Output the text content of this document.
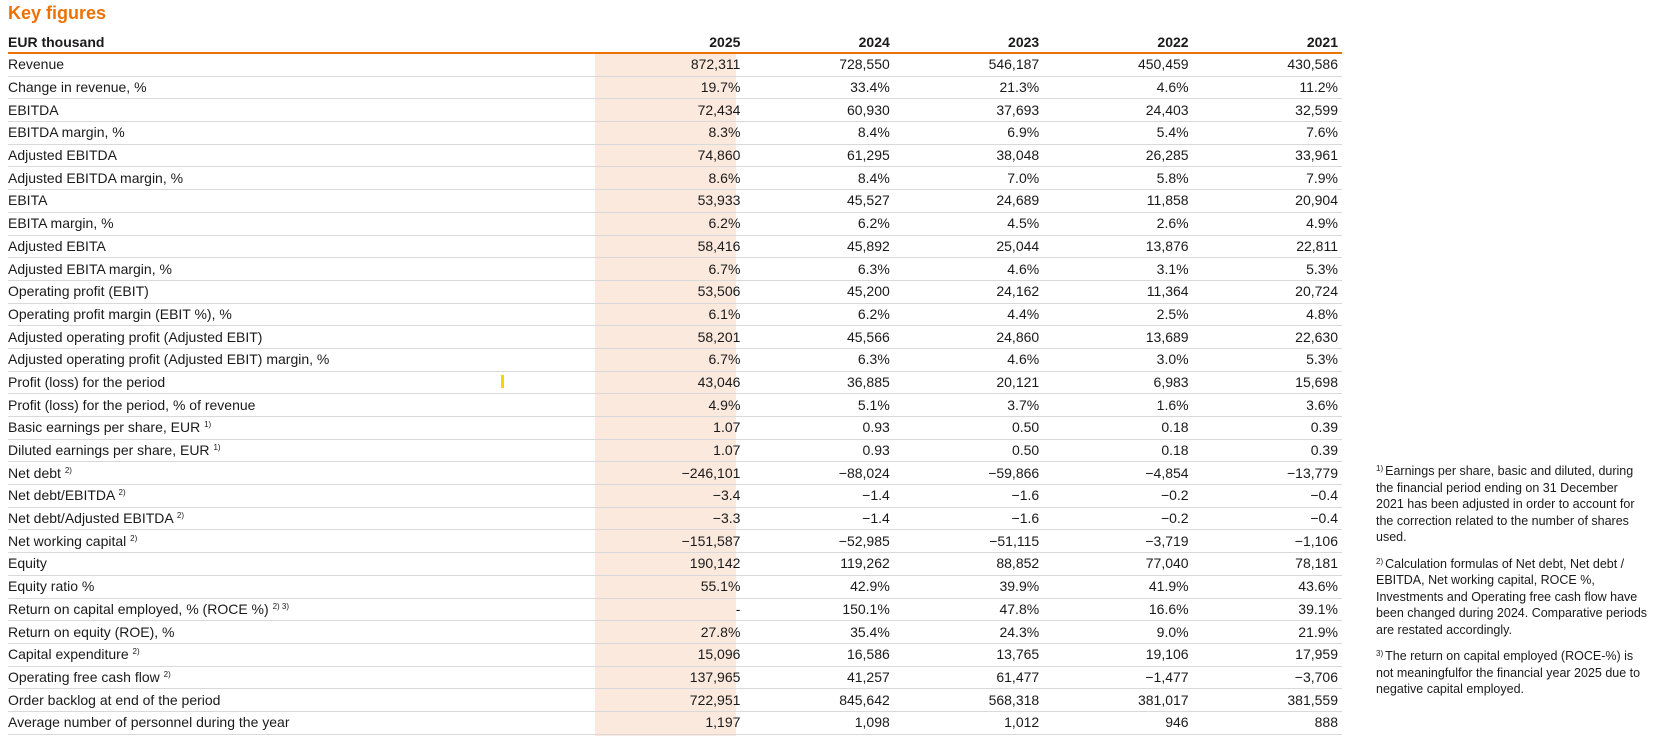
Key figures
EUR thousand	2025	2024	2023	2022	2021
Revenue	872,311	728,550	546,187	450,459	430,586
Change in revenue, %	19.7%	33.4%	21.3%	4.6%	11.2%
EBITDA	72,434	60,930	37,693	24,403	32,599
EBITDA margin, %	8.3%	8.4%	6.9%	5.4%	7.6%
Adjusted EBITDA	74,860	61,295	38,048	26,285	33,961
Adjusted EBITDA margin, %	8.6%	8.4%	7.0%	5.8%	7.9%
EBITA	53,933	45,527	24,689	11,858	20,904
EBITA margin, %	6.2%	6.2%	4.5%	2.6%	4.9%
Adjusted EBITA	58,416	45,892	25,044	13,876	22,811
Adjusted EBITA margin, %	6.7%	6.3%	4.6%	3.1%	5.3%
Operating profit (EBIT)	53,506	45,200	24,162	11,364	20,724
Operating profit margin (EBIT %), %	6.1%	6.2%	4.4%	2.5%	4.8%
Adjusted operating profit (Adjusted EBIT)	58,201	45,566	24,860	13,689	22,630
Adjusted operating profit (Adjusted EBIT) margin, %	6.7%	6.3%	4.6%	3.0%	5.3%
Profit (loss) for the period	43,046	36,885	20,121	6,983	15,698
Profit (loss) for the period, % of revenue	4.9%	5.1%	3.7%	1.6%	3.6%
Basic earnings per share, EUR $^{1)}$	1.07	0.93	0.50	0.18	0.39
Diluted earnings per share, EUR $^{1)}$	1.07	0.93	0.50	0.18	0.39
Net debt $^{2)}$	−246,101	−88,024	−59,866	−4,854	−13,779
Net debt/EBITDA $^{2)}$	−3.4	−1.4	−1.6	−0.2	−0.4
Net debt/Adjusted EBITDA $^{2)}$	−3.3	−1.4	−1.6	−0.2	−0.4
Net working capital $^{2)}$	−151,587	−52,985	−51,115	−3,719	−1,106
Equity	190,142	119,262	88,852	77,040	78,181
Equity ratio %	55.1%	42.9%	39.9%	41.9%	43.6%
Return on capital employed, % (ROCE %) $^{2) 3)}$	-	150.1%	47.8%	16.6%	39.1%
Return on equity (ROE), %	27.8%	35.4%	24.3%	9.0%	21.9%
Capital expenditure $^{2)}$	15,096	16,586	13,765	19,106	17,959
Operating free cash flow $^{2)}$	137,965	41,257	61,477	−1,477	−3,706
Order backlog at end of the period	722,951	845,642	568,318	381,017	381,559
Average number of personnel during the year	1,197	1,098	1,012	946	888
$^{1)}$ Earnings per share, basic and diluted, during the financial period ending on 31 December 2021 has been adjusted in order to account for the correction related to the number of shares used.
$^{2)}$ Calculation formulas of Net debt, Net debt / EBITDA, Net working capital, ROCE %, Investments and Operating free cash flow have been changed during 2024. Comparative periods are restated accordingly.
$^{3)}$ The return on capital employed (ROCE-%) is not meaningfulfor the financial year 2025 due to negative capital employed.
